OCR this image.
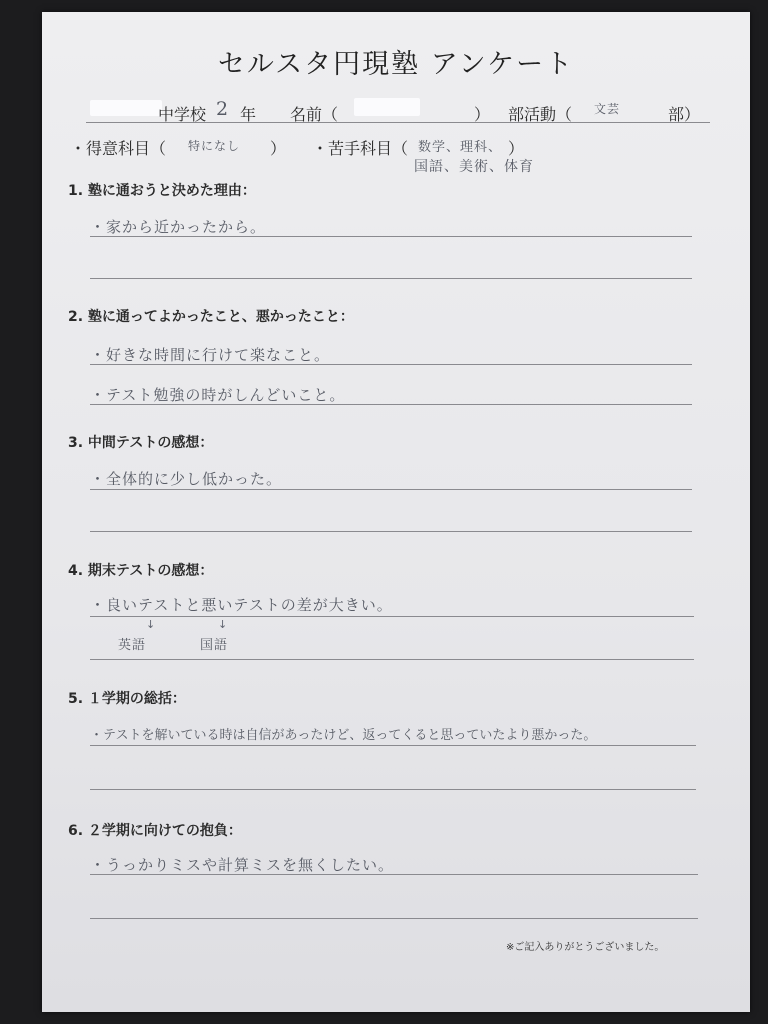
セルスタ円現塾 アンケート
中学校 2 年 名前（	） 部活動（ 文芸	部）
・得意科目（ 特になし ） ・苦手科目（ 数学、理科、 ）
国語、美術、体育
1. 塾に通おうと決めた理由：
・家から近かったから。
2. 塾に通ってよかったこと、悪かったこと：
・好きな時間に行けて楽なこと。
・テスト勉強の時がしんどいこと。
3. 中間テストの感想：
・全体的に少し低かった。
4. 期末テストの感想：
・良いテストと悪いテストの差が大きい。
↓	↓
英語	国語
5. １学期の総括：
・テストを解いている時は自信があったけど、返ってくると思っていたより悪かった。
6. ２学期に向けての抱負：
・うっかりミスや計算ミスを無くしたい。
※ご記入ありがとうございました。
